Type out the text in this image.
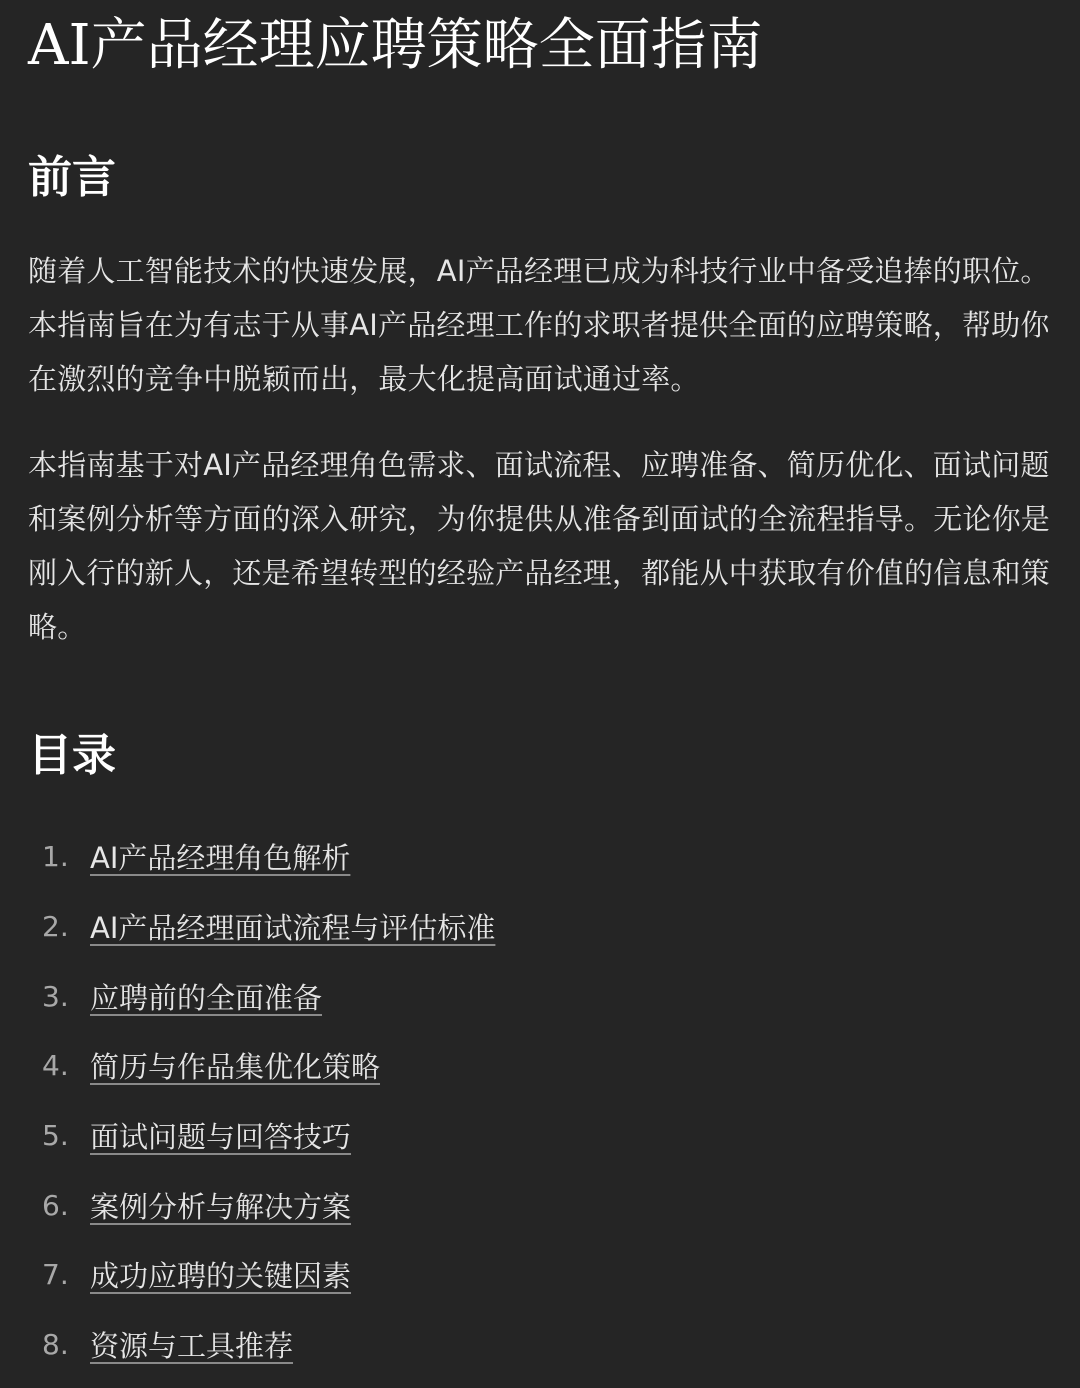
AI产品经理应聘策略全面指南
前言

随着人工智能技术的快速发展，AI产品经理已成为科技行业中备受追捧的职位。本指南旨在为有志于从事AI产品经理工作的求职者提供全面的应聘策略，帮助你在激烈的竞争中脱颖而出，最大化提高面试通过率。

本指南基于对AI产品经理角色需求、面试流程、应聘准备、简历优化、面试问题和案例分析等方面的深入研究，为你提供从准备到面试的全流程指导。无论你是刚入行的新人，还是希望转型的经验产品经理，都能从中获取有价值的信息和策略。

目录
1. AI产品经理角色解析
2. AI产品经理面试流程与评估标准
3. 应聘前的全面准备
4. 简历与作品集优化策略
5. 面试问题与回答技巧
6. 案例分析与解决方案
7. 成功应聘的关键因素
8. 资源与工具推荐
